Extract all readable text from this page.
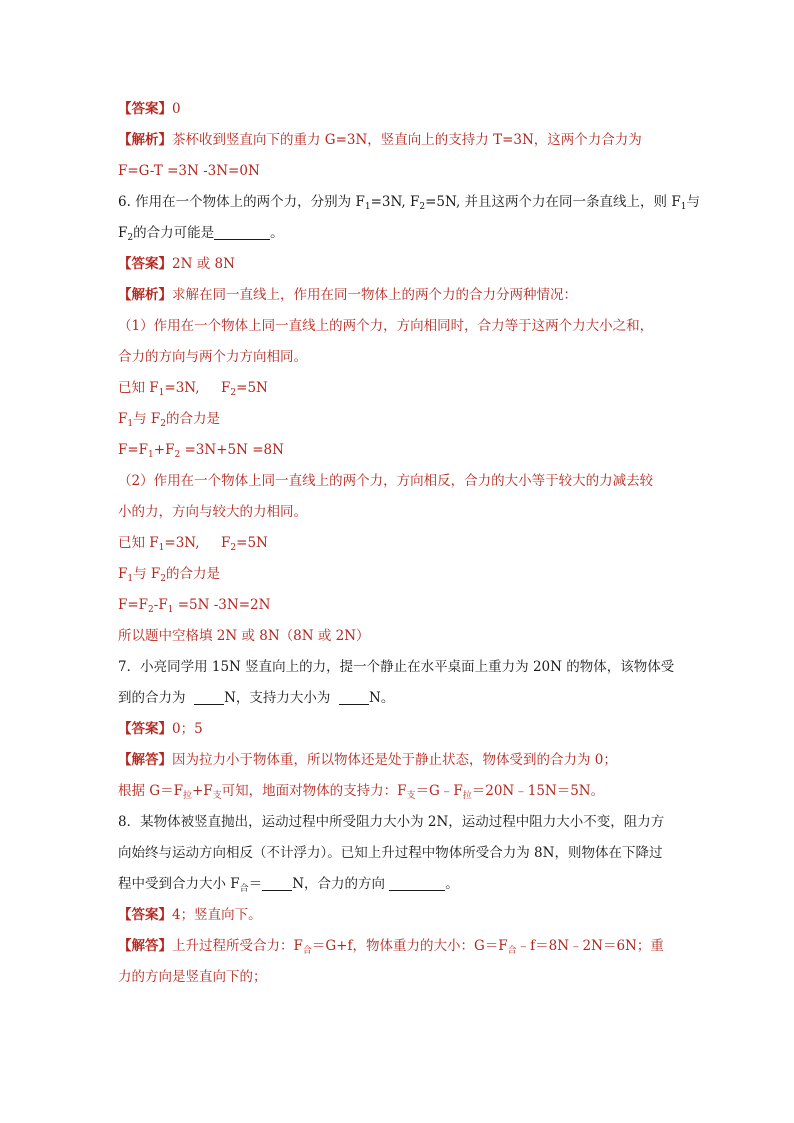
【答案】0
【解析】茶杯收到竖直向下的重力 G=3N，竖直向上的支持力 T=3N，这两个力合力为
F=G-T =3N -3N=0N
6. 作用在一个物体上的两个力，分别为 $F_1=3N$, $F_2=5N$, 并且这两个力在同一条直线上，则 $F_1$与
$F_2$的合力可能是	。
【答案】2N 或 8N
【解析】求解在同一直线上，作用在同一物体上的两个力的合力分两种情况：
（1）作用在一个物体上同一直线上的两个力，方向相同时，合力等于这两个力大小之和，
合力的方向与两个力方向相同。
已知 $F_1=3N$, $F_2=5N$
$F_1$与 $F_2$的合力是
$F=F_1+F_2 =3N+5N =8N$
（2）作用在一个物体上同一直线上的两个力，方向相反，合力的大小等于较大的力减去较
小的力，方向与较大的力相同。
已知 $F_1=3N$, $F_2=5N$
$F_1$与 $F_2$的合力是
$F=F_2-F_1 =5N$ -3N=2N
所以题中空格填 2N 或 8N（8N 或 2N）
7．小亮同学用 15N 竖直向上的力，提一个静止在水平桌面上重力为 20N 的物体，该物体受
到的合力为	N，支持力大小为	N。
【答案】0；5
【解答】因为拉力小于物体重，所以物体还是处于静止状态，物体受到的合力为 0；
根据 $G=F_拉+F_支$可知，地面对物体的支持力：$F_支=G﹣F_拉=20N﹣15N=5N$。
8．某物体被竖直抛出，运动过程中所受阻力大小为 2N，运动过程中阻力大小不变，阻力方
向始终与运动方向相反（不计浮力）。已知上升过程中物体所受合力为 8N，则物体在下降过
程中受到合力大小 $F_合= N$，合力的方向	。
【答案】4；竖直向下。
【解答】上升过程所受合力：$F_合=G+f$，物体重力的大小：$G=F_合﹣f=8N﹣2N=6N$；重
力的方向是竖直向下的；
